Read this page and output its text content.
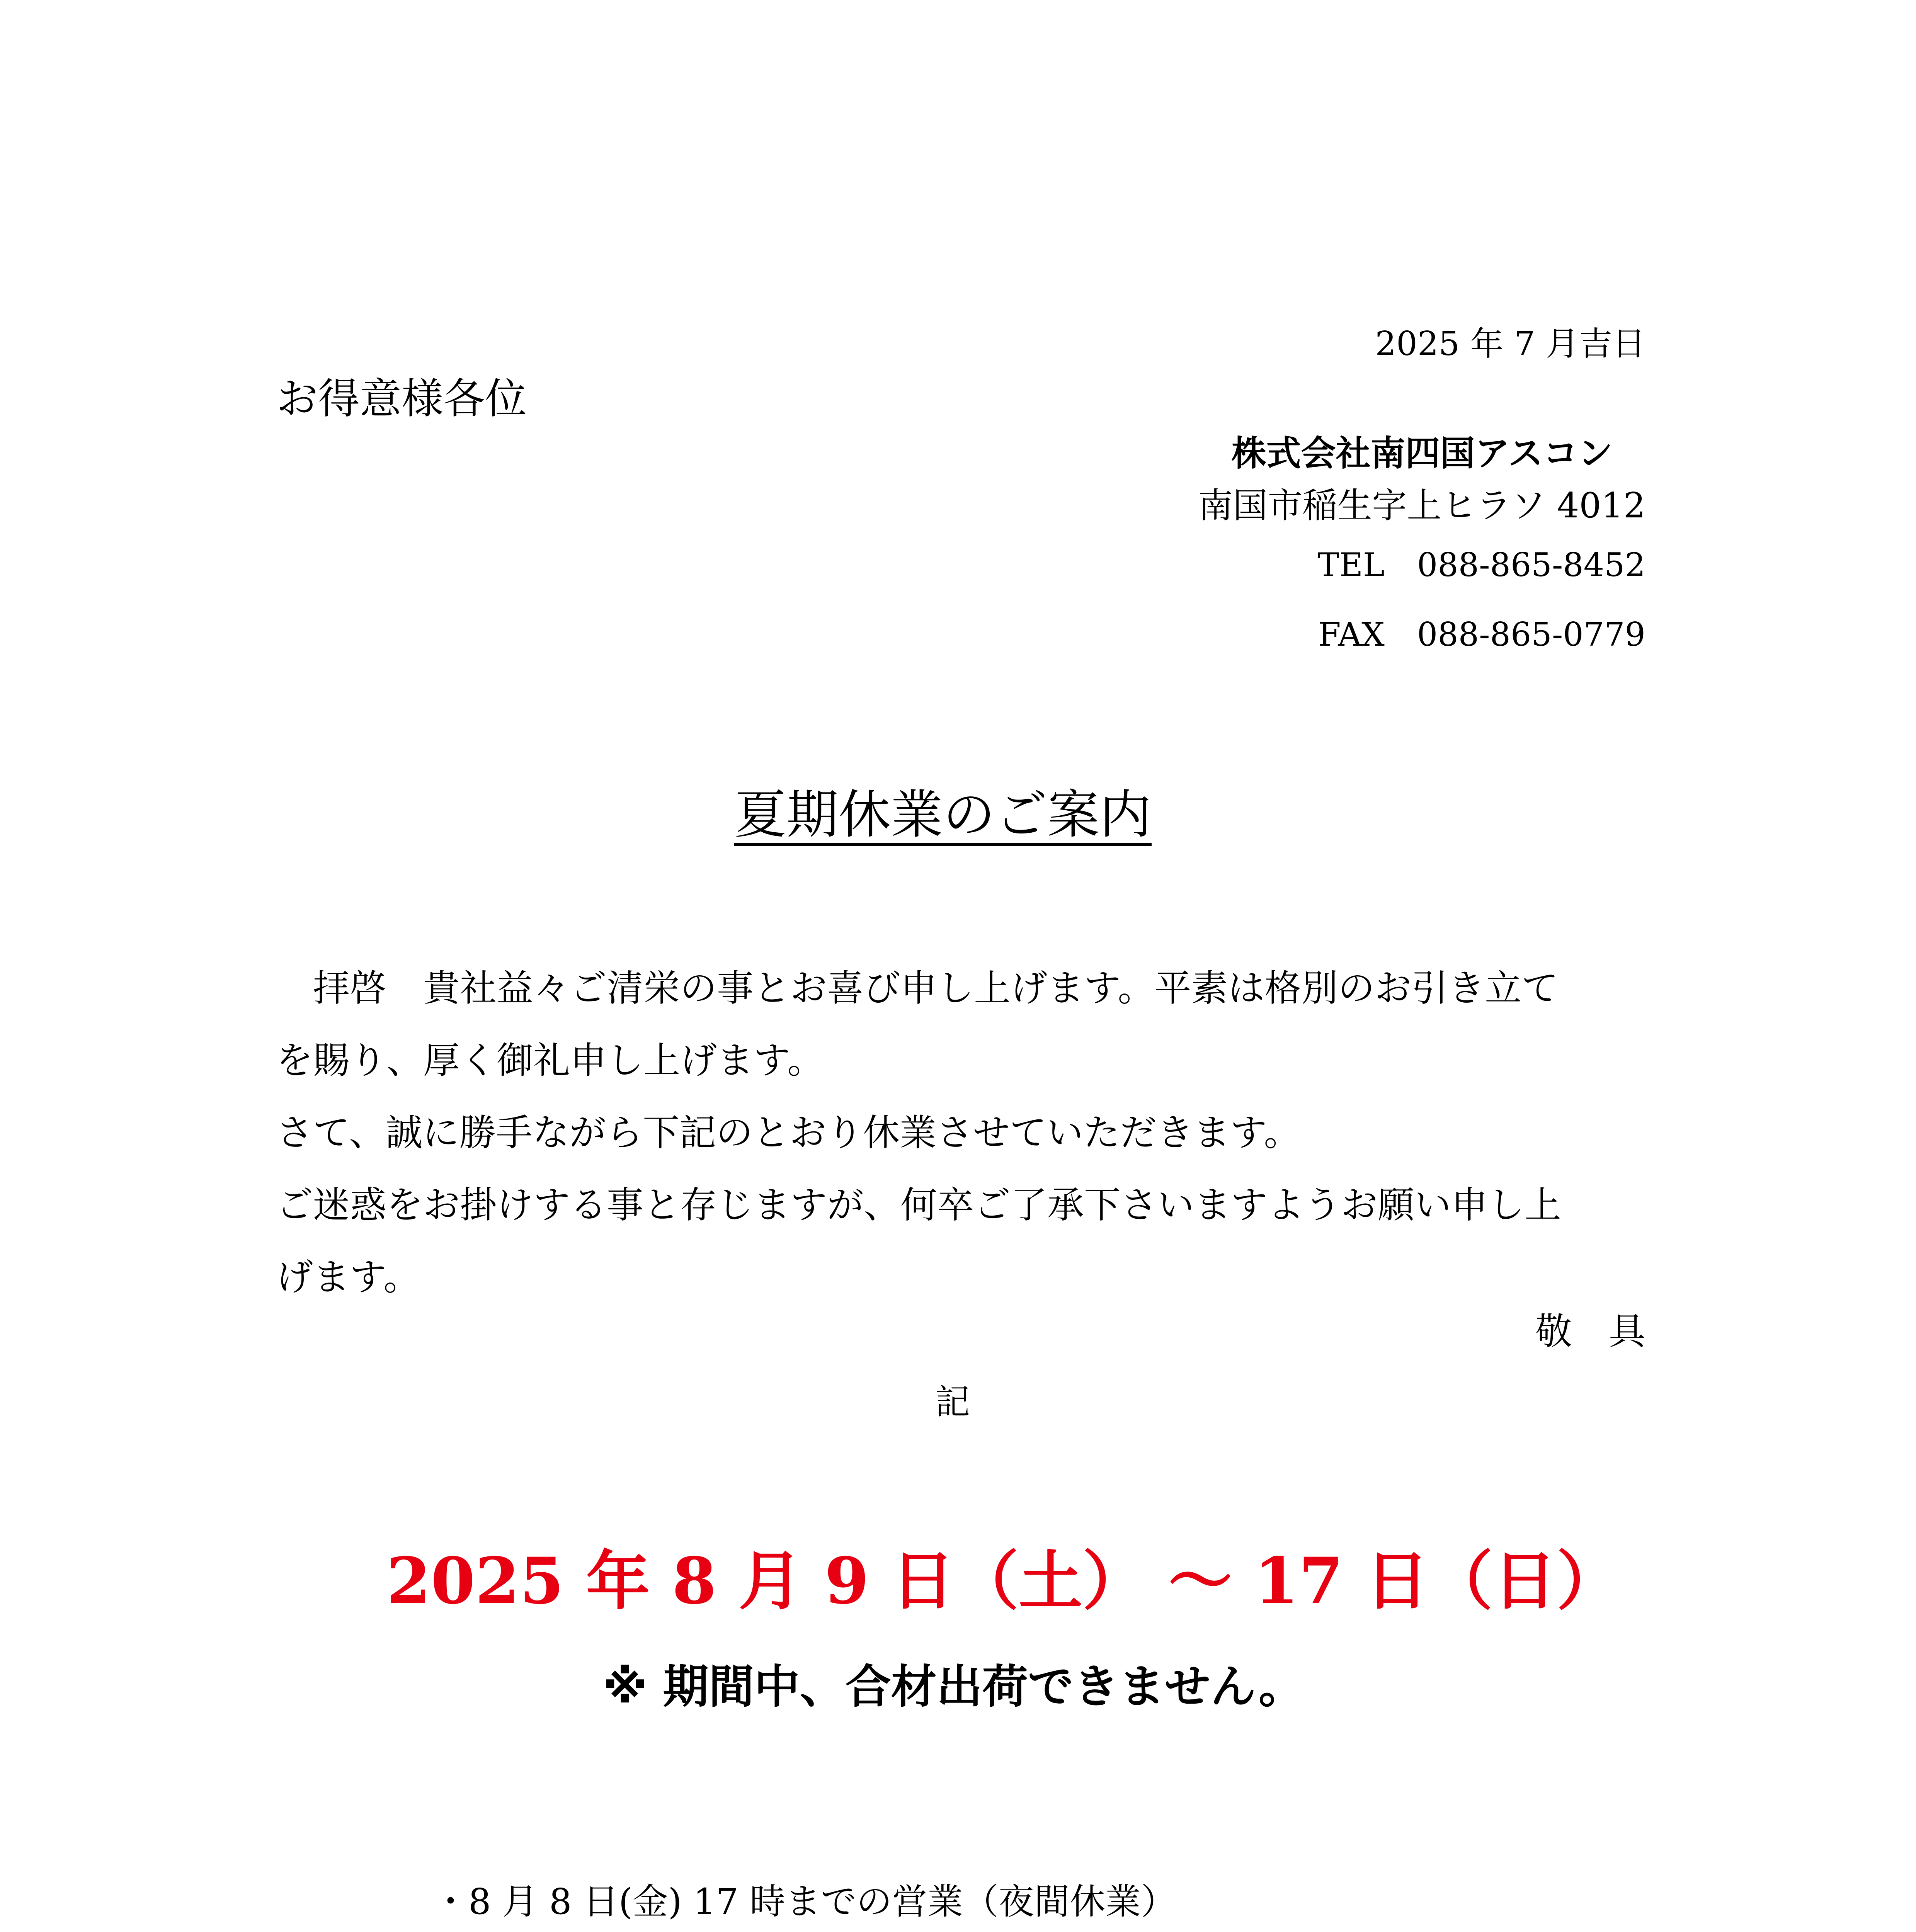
2025 年 7 月吉日
お得意様各位
株式会社南四国アスコン
南国市稲生字上ヒラソ 4012
TEL　088-865-8452
FAX　088-865-0779
夏期休業のご案内

　拝啓　貴社益々ご清栄の事とお喜び申し上げます。平素は格別のお引き立て

を賜り、厚く御礼申し上げます。

さて、誠に勝手ながら下記のとおり休業させていただきます。

ご迷惑をお掛けする事と存じますが、何卒ご了承下さいますようお願い申し上

げます。

敬　具
記
2025 年 8 月 9 日（土） ～ 17 日（日）
※ 期間中、合材出荷できません。
・8 月 8 日(金) 17 時までの営業（夜間休業）
